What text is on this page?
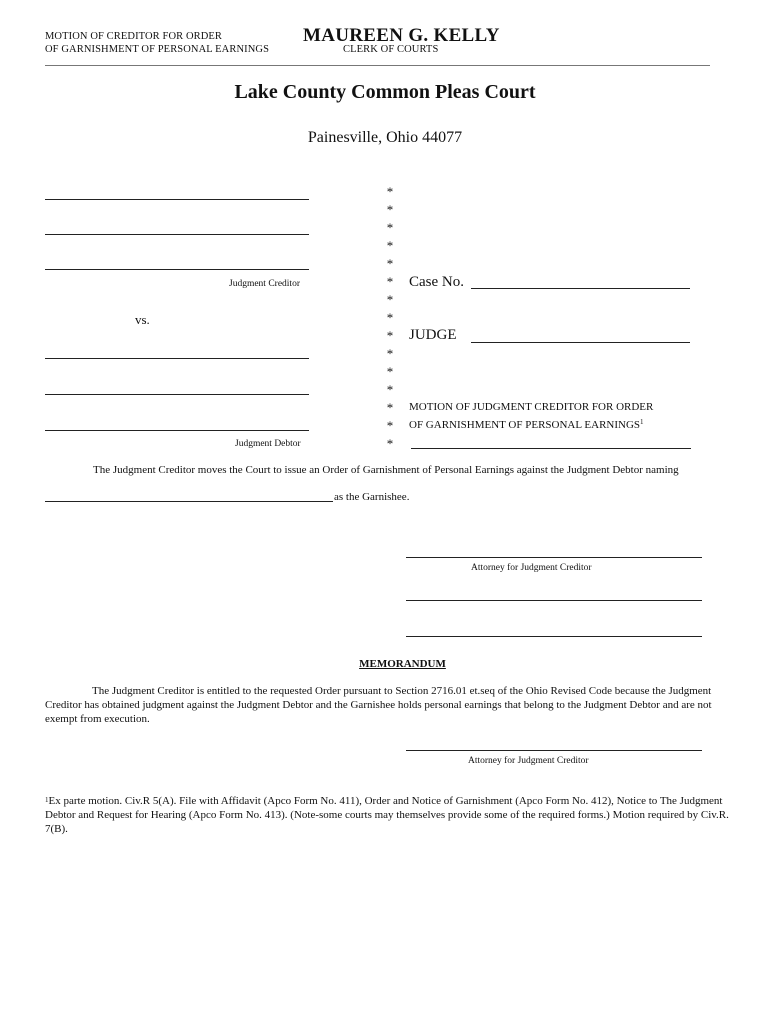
MOTION OF CREDITOR FOR ORDER
OF GARNISHMENT OF PERSONAL EARNINGS
MAUREEN G. KELLY
CLERK OF COURTS
Lake County Common Pleas Court
Painesville, Ohio 44077
Judgment Creditor
vs.
Judgment Debtor
*
*
*
*
*
*
*
*
*
*
*
*
*
*
*
Case No.
JUDGE
MOTION OF JUDGMENT CREDITOR FOR ORDER
OF GARNISHMENT OF PERSONAL EARNINGS$^1$
The Judgment Creditor moves the Court to issue an Order of Garnishment of Personal Earnings against the Judgment Debtor naming
as the Garnishee.
Attorney for Judgment Creditor
MEMORANDUM
The Judgment Creditor is entitled to the requested Order pursuant to Section 2716.01 et.seq of the Ohio Revised Code because the Judgment Creditor has obtained judgment against the Judgment Debtor and the Garnishee holds personal earnings that belong to the Judgment Debtor and are not exempt from execution.
Attorney for Judgment Creditor
$^1$Ex parte motion. Civ.R 5(A). File with Affidavit (Apco Form No. 411), Order and Notice of Garnishment (Apco Form No. 412), Notice to The Judgment Debtor and Request for Hearing (Apco Form No. 413). (Note-some courts may themselves provide some of the required forms.) Motion required by Civ.R. 7(B).
